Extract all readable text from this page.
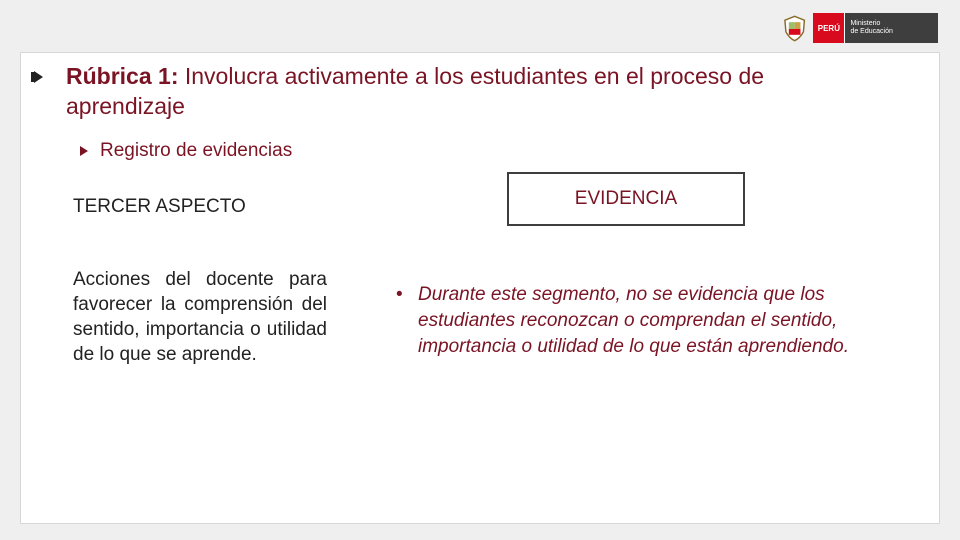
PERÚ	Ministerio
de Educación
Rúbrica 1: Involucra activamente a los estudiantes en el proceso de aprendizaje
Registro de evidencias
TERCER ASPECTO
Acciones del docente para favorecer la comprensión del sentido, importancia o utilidad de lo que se aprende.
EVIDENCIA
• Durante este segmento, no se evidencia que los estudiantes reconozcan o comprendan el sentido, importancia o utilidad de lo que están aprendiendo.
